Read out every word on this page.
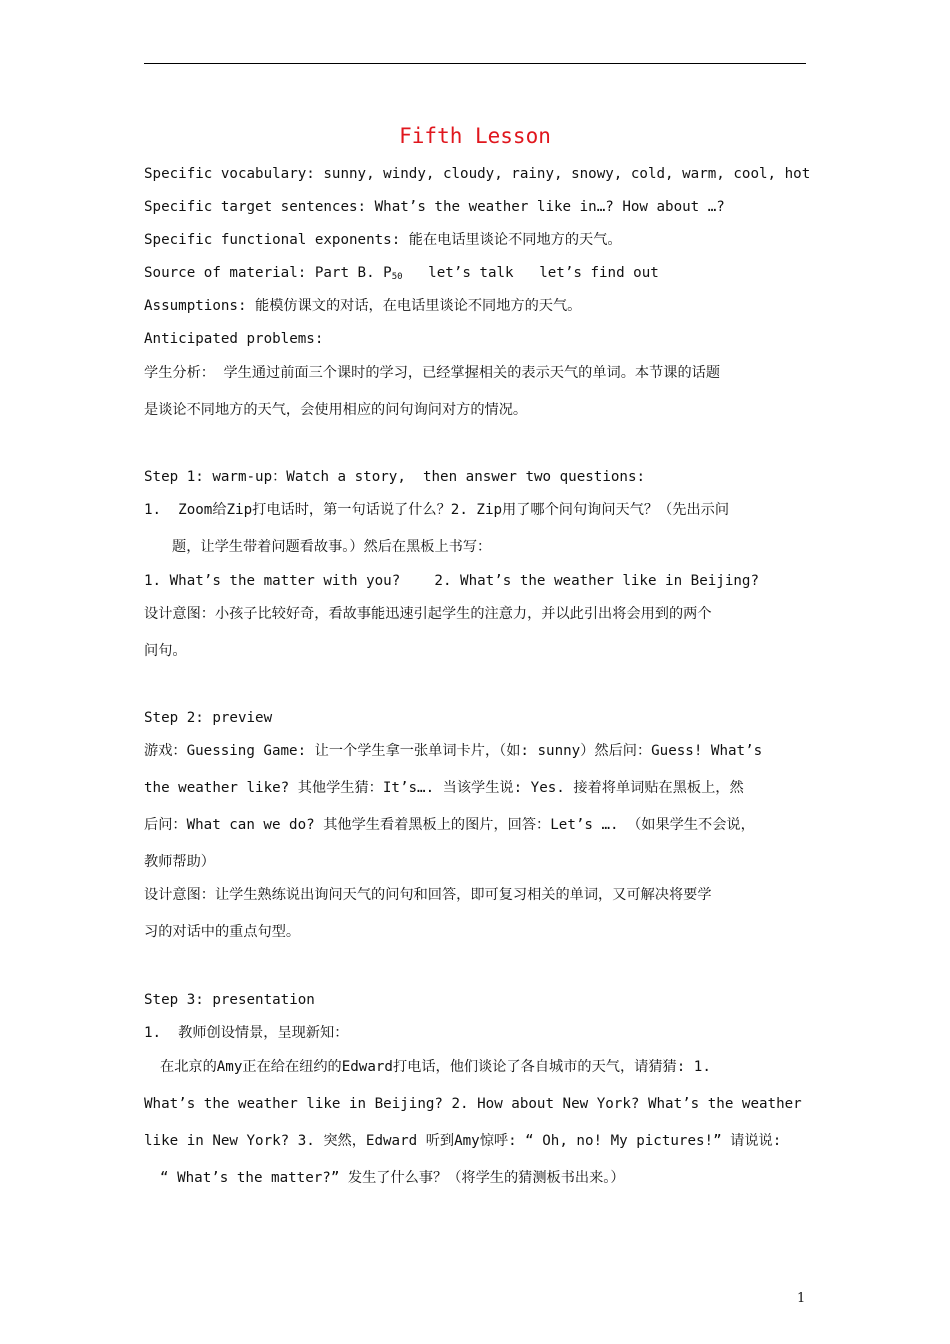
Fifth Lesson
Specific vocabulary: sunny, windy, cloudy, rainy, snowy, cold, warm, cool, hot
Specific target sentences: What’s the weather like in…? How about …?
Specific functional exponents: 能在电话里谈论不同地方的天气。
Source of material: Part B. $P_{50}$   let’s talk   let’s find out
Assumptions: 能模仿课文的对话，在电话里谈论不同地方的天气。
Anticipated problems:
学生分析： 学生通过前面三个课时的学习，已经掌握相关的表示天气的单词。本节课的话题
是谈论不同地方的天气，会使用相应的问句询问对方的情况。
Step 1: warm-up：Watch a story,  then answer two questions:
1.  Zoom给Zip打电话时，第一句话说了什么？2. Zip用了哪个问句询问天气？（先出示问
题，让学生带着问题看故事。）然后在黑板上书写：
1. What’s the matter with you?    2. What’s the weather like in Beijing?
设计意图：小孩子比较好奇，看故事能迅速引起学生的注意力，并以此引出将会用到的两个
问句。
Step 2: preview
游戏：Guessing Game: 让一个学生拿一张单词卡片，（如: sunny）然后问：Guess! What’s
the weather like? 其他学生猜：It’s…. 当该学生说: Yes. 接着将单词贴在黑板上，然
后问：What can we do? 其他学生看着黑板上的图片，回答：Let’s …. （如果学生不会说，
教师帮助）
设计意图：让学生熟练说出询问天气的问句和回答，即可复习相关的单词，又可解决将要学
习的对话中的重点句型。
Step 3: presentation
1.  教师创设情景，呈现新知：
在北京的Amy正在给在纽约的Edward打电话，他们谈论了各自城市的天气，请猜猜: 1.
What’s the weather like in Beijing? 2. How about New York? What’s the weather
like in New York? 3. 突然，Edward 听到Amy惊呼: “ Oh, no! My pictures!” 请说说:
“ What’s the matter?” 发生了什么事？（将学生的猜测板书出来。）
1
